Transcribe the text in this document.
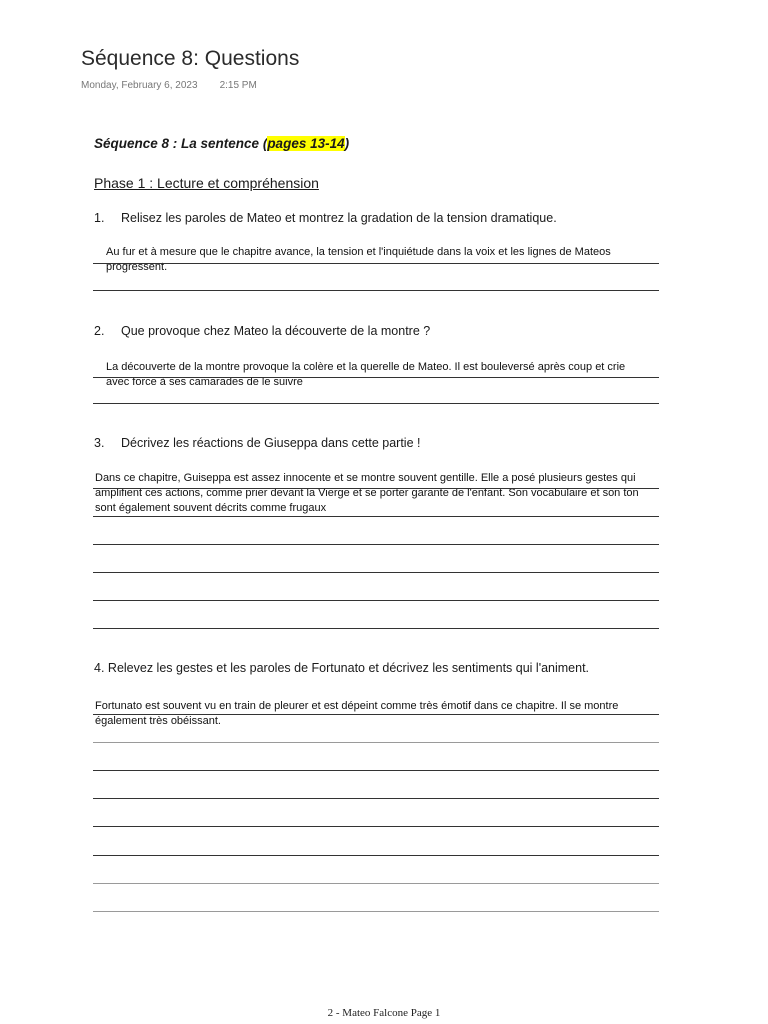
Séquence 8: Questions
Monday, February 6, 2023 2:15 PM
Séquence 8 : La sentence (pages 13-14)
Phase 1 : Lecture et compréhension
1. Relisez les paroles de Mateo et montrez la gradation de la tension dramatique.
Au fur et à mesure que le chapitre avance, la tension et l'inquiétude dans la voix et les lignes de Mateos progressent.
2. Que provoque chez Mateo la découverte de la montre ?
La découverte de la montre provoque la colère et la querelle de Mateo. Il est bouleversé après coup et crie avec force à ses camarades de le suivre
3. Décrivez les réactions de Giuseppa dans cette partie !
Dans ce chapitre, Guiseppa est assez innocente et se montre souvent gentille. Elle a posé plusieurs gestes qui amplifient ces actions, comme prier devant la Vierge et se porter garante de l'enfant. Son vocabulaire et son ton sont également souvent décrits comme frugaux
4. Relevez les gestes et les paroles de Fortunato et décrivez les sentiments qui l'animent.
Fortunato est souvent vu en train de pleurer et est dépeint comme très émotif dans ce chapitre. Il se montre également très obéissant.
2 - Mateo Falcone Page 1
